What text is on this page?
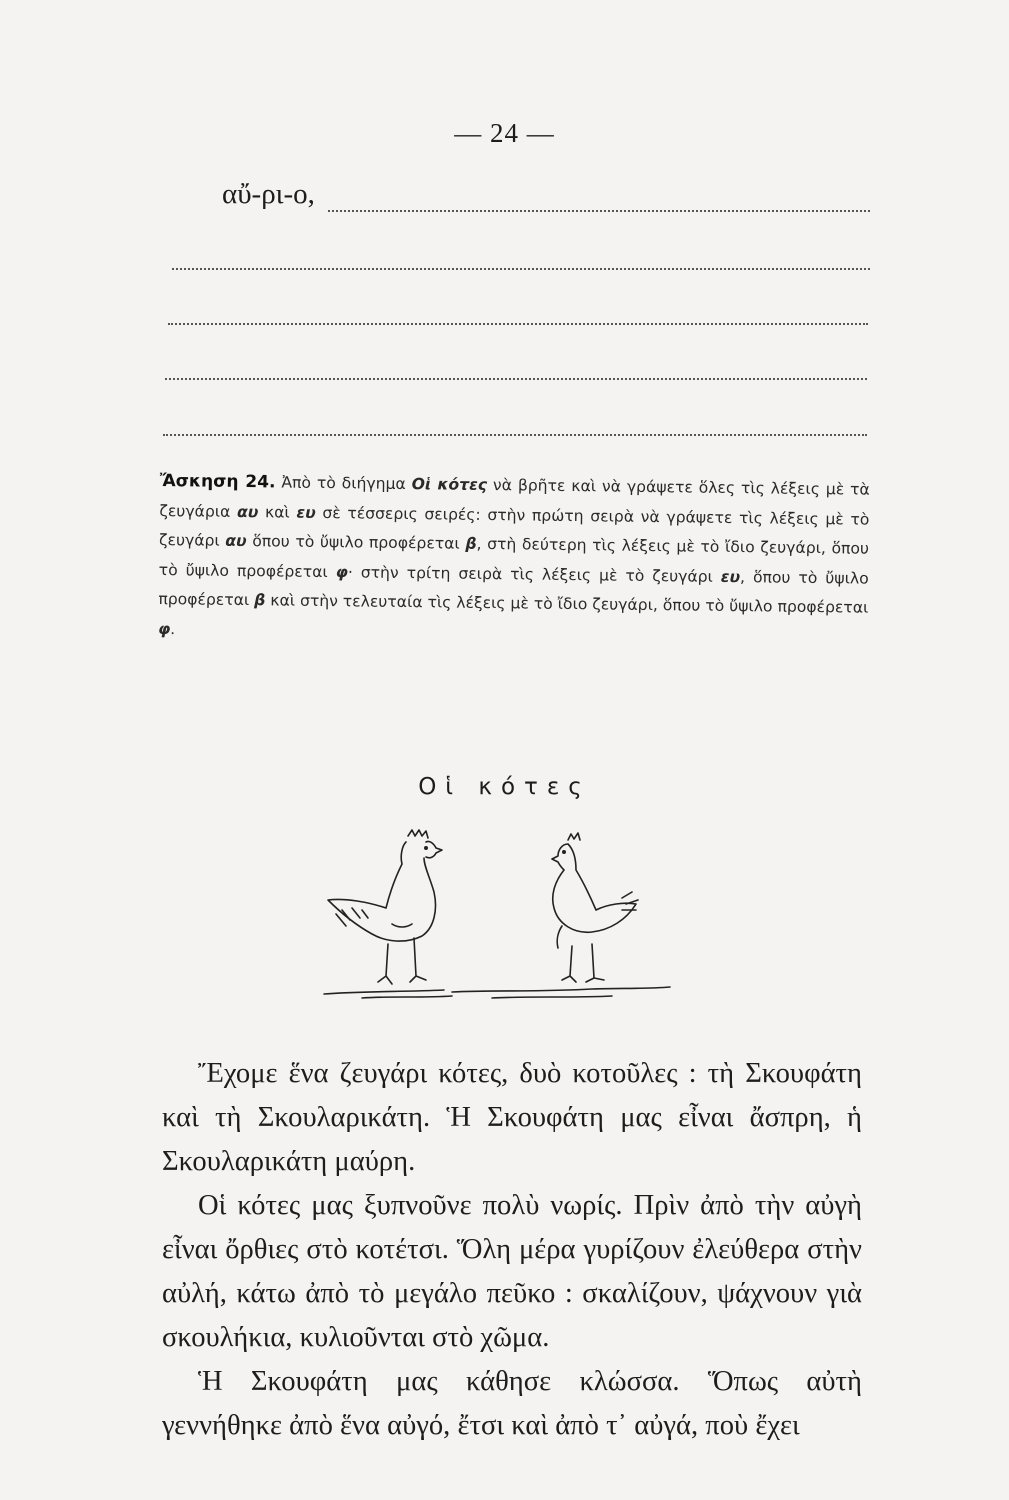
— 24 —
αὔ-ρι-ο,
Ἄσκηση 24. Ἀπὸ τὸ διήγημα Οἱ κότες νὰ βρῆτε καὶ νὰ γράψετε ὅλες τὶς λέξεις μὲ τὰ ζευγάρια αυ καὶ ευ σὲ τέσσερις σειρές: στὴν πρώτη σειρὰ νὰ γράψετε τὶς λέξεις μὲ τὸ ζευγάρι αυ ὅπου τὸ ὔψιλο προφέρεται β, στὴ δεύτερη τὶς λέξεις μὲ τὸ ἴδιο ζευγάρι, ὅπου τὸ ὔψιλο προφέρεται φ· στὴν τρίτη σειρὰ τὶς λέξεις μὲ τὸ ζευγάρι ευ, ὅπου τὸ ὔψιλο προφέρεται β καὶ στὴν τελευταία τὶς λέξεις μὲ τὸ ἴδιο ζευγάρι, ὅπου τὸ ὔψιλο προφέρεται φ.
Οἱ κότες

Ἔχομε ἕνα ζευγάρι κότες, δυὸ κοτοῦλες : τὴ Σκουφάτη καὶ τὴ Σκουλαρικάτη. Ἡ Σκουφάτη μας εἶναι ἄσπρη, ἡ Σκουλαρικάτη μαύρη.

Οἱ κότες μας ξυπνοῦνε πολὺ νωρίς. Πρὶν ἀπὸ τὴν αὐγὴ εἶναι ὄρθιες στὸ κοτέτσι. Ὅλη μέρα γυρίζουν ἐλεύθερα στὴν αὐλή, κάτω ἀπὸ τὸ μεγάλο πεῦκο : σκαλίζουν, ψάχνουν γιὰ σκουλήκια, κυλιοῦνται στὸ χῶμα.

Ἡ Σκουφάτη μας κάθησε κλώσσα. Ὅπως αὐτὴ γεννήθηκε ἀπὸ ἕνα αὐγό, ἔτσι καὶ ἀπὸ τ᾽ αὐγά, ποὺ ἔχει
